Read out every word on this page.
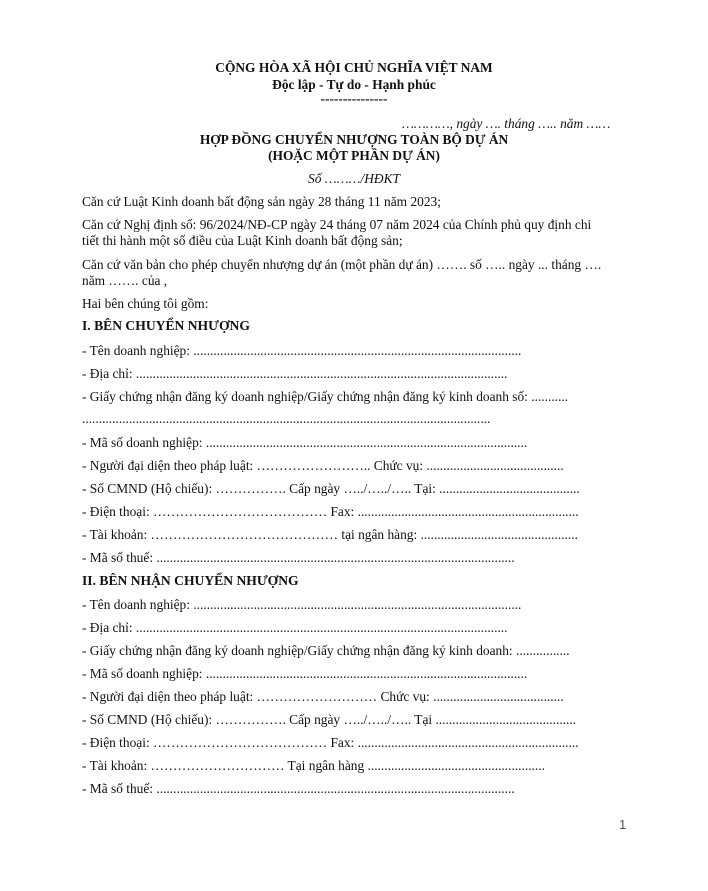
CỘNG HÒA XÃ HỘI CHỦ NGHĨA VIỆT NAM
Độc lập - Tự do - Hạnh phúc
---------------
…………, ngày …. tháng ….. năm ……
HỢP ĐỒNG CHUYỂN NHƯỢNG TOÀN BỘ DỰ ÁN
(HOẶC MỘT PHẦN DỰ ÁN)
Số ………/HĐKT
Căn cứ Luật Kinh doanh bất động sản ngày 28 tháng 11 năm 2023;
Căn cứ Nghị định số: 96/2024/NĐ-CP ngày 24 tháng 07 năm 2024 của Chính phủ quy định chi
tiết thi hành một số điều của Luật Kinh doanh bất động sản;
Căn cứ văn bản cho phép chuyển nhượng dự án (một phần dự án) ……. số ….. ngày ... tháng ….
năm ……. của ,
Hai bên chúng tôi gồm:
I. BÊN CHUYỂN NHƯỢNG
- Tên doanh nghiệp: ..................................................................................................
- Địa chỉ: ...............................................................................................................
- Giấy chứng nhận đăng ký doanh nghiệp/Giấy chứng nhận đăng ký kinh doanh số: ...........
..........................................................................................................................
- Mã số doanh nghiệp: ................................................................................................
- Người đại diện theo pháp luật: …………………….. Chức vụ: .........................................
- Số CMND (Hộ chiếu): ……………. Cấp ngày …../…../….. Tại: ..........................................
- Điện thoại: ………………………………… Fax: ..................................................................
- Tài khoản: …………………………………… tại ngân hàng: ...............................................
- Mã số thuế: ...........................................................................................................
II. BÊN NHẬN CHUYỂN NHƯỢNG
- Tên doanh nghiệp: ..................................................................................................
- Địa chỉ: ...............................................................................................................
- Giấy chứng nhận đăng ký doanh nghiệp/Giấy chứng nhận đăng ký kinh doanh: ................
- Mã số doanh nghiệp: ................................................................................................
- Người đại diện theo pháp luật: ……………………… Chức vụ: .......................................
- Số CMND (Hộ chiếu): ……………. Cấp ngày …../…../….. Tại ..........................................
- Điện thoại: ………………………………… Fax: ..................................................................
- Tài khoản: ………………………… Tại ngân hàng .....................................................
- Mã số thuế: ...........................................................................................................
1
